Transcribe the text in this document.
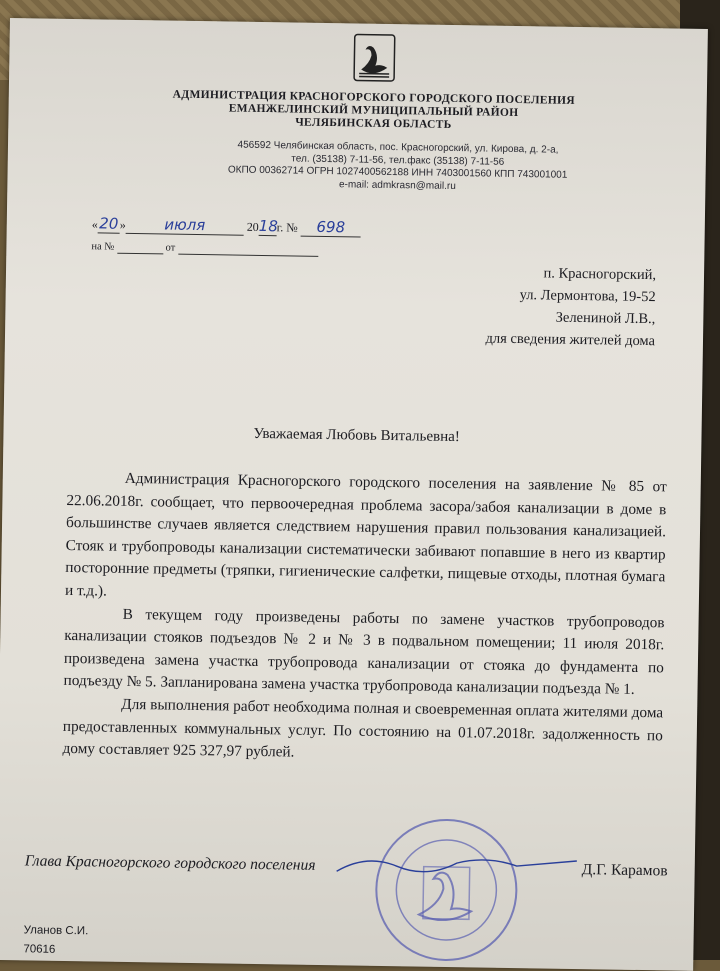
АДМИНИСТРАЦИЯ КРАСНОГОРСКОГО ГОРОДСКОГО ПОСЕЛЕНИЯ
ЕМАНЖЕЛИНСКИЙ МУНИЦИПАЛЬНЫЙ РАЙОН
ЧЕЛЯБИНСКАЯ ОБЛАСТЬ
456592 Челябинская область, пос. Красногорский, ул. Кирова, д. 2-а,
тел. (35138) 7-11-56, тел.факс (35138) 7-11-56
ОКПО 00362714 ОГРН 1027400562188 ИНН 7403001560 КПП 743001001
e-mail: admkrasn@mail.ru
«20»	июля	2018г. № 698
на №	от
п. Красногорский,
ул. Лермонтова, 19-52
Зелениной Л.В.,
для сведения жителей дома
Уважаемая Любовь Витальевна!

Администрация Красногорского городского поселения на заявление № 85 от 22.06.2018г. сообщает, что первоочередная проблема засора/забоя канализации в доме в большинстве случаев является следствием нарушения правил пользования канализацией. Стояк и трубопроводы канализации систематически забивают попавшие в него из квартир посторонние предметы (тряпки, гигиенические салфетки, пищевые отходы, плотная бумага и т.д.).

В текущем году произведены работы по замене участков трубопроводов канализации стояков подъездов № 2 и № 3 в подвальном помещении; 11 июля 2018г. произведена замена участка трубопровода канализации от стояка до фундамента по подъезду № 5. Запланирована замена участка трубопровода канализации подъезда № 1.

Для выполнения работ необходима полная и своевременная оплата жителями дома предоставленных коммунальных услуг. По состоянию на 01.07.2018г. задолженность по дому составляет 925 327,97 рублей.

Глава Красногорского городского поселения	Д.Г. Карамов
Уланов С.И.
70616
